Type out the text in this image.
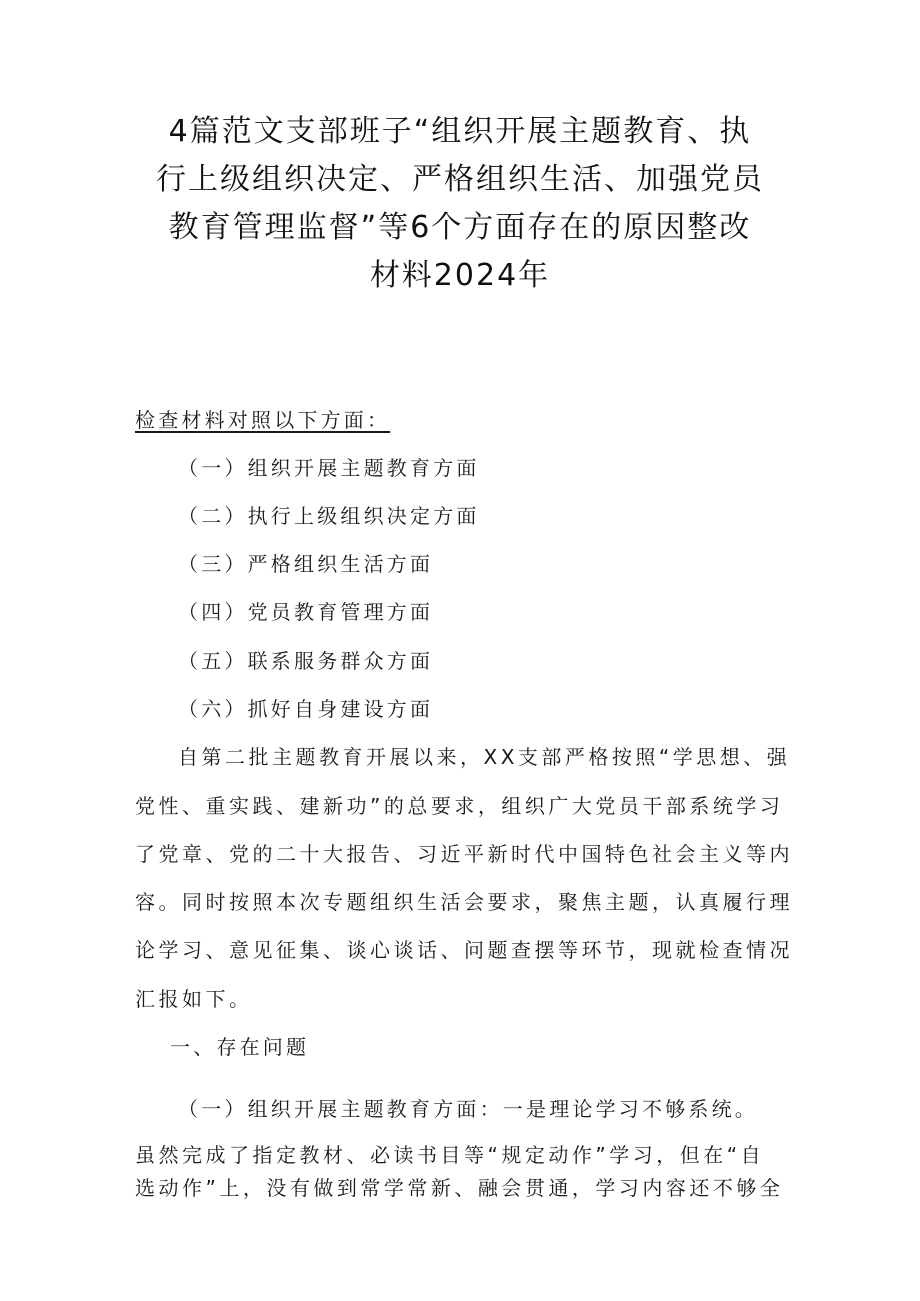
4篇范文支部班子“组织开展主题教育、执
行上级组织决定、严格组织生活、加强党员
教育管理监督”等6个方面存在的原因整改
材料2024年
检查材料对照以下方面：
（一）组织开展主题教育方面
（二）执行上级组织决定方面
（三）严格组织生活方面
（四）党员教育管理方面
（五）联系服务群众方面
（六）抓好自身建设方面
自第二批主题教育开展以来，XX支部严格按照“学思想、强
党性、重实践、建新功”的总要求，组织广大党员干部系统学习
了党章、党的二十大报告、习近平新时代中国特色社会主义等内
容。同时按照本次专题组织生活会要求，聚焦主题，认真履行理
论学习、意见征集、谈心谈话、问题查摆等环节，现就检查情况
汇报如下。
一、存在问题
（一）组织开展主题教育方面：一是理论学习不够系统。
虽然完成了指定教材、必读书目等“规定动作”学习，但在“自
选动作”上，没有做到常学常新、融会贯通，学习内容还不够全
